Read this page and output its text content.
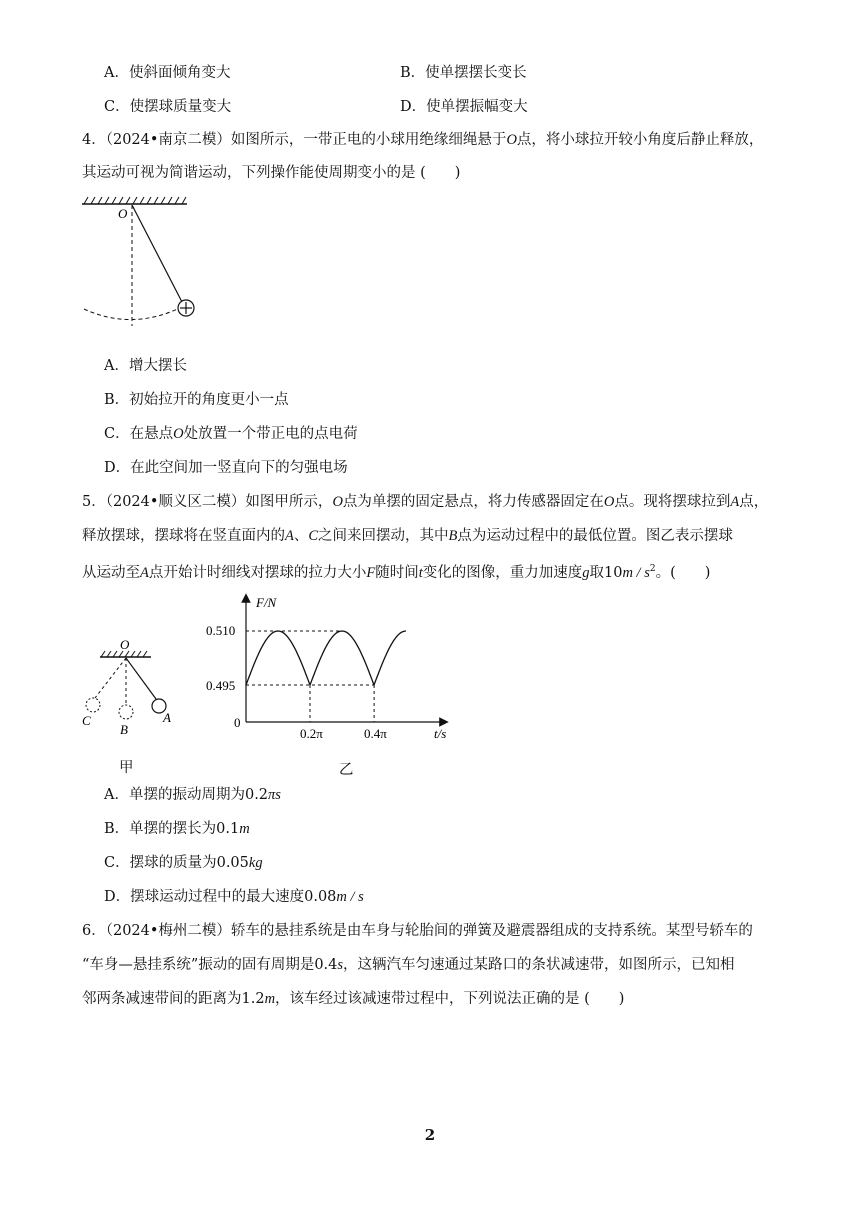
A．使斜面倾角变大	B．使单摆摆长变长
C．使摆球质量变大	D．使单摆振幅变大
4．（2024•南京二模）如图所示，一带正电的小球用绝缘细绳悬于O点，将小球拉开较小角度后静止释放，
其运动可视为简谐运动，下列操作能使周期变小的是 (　　)
O
A．增大摆长
B．初始拉开的角度更小一点
C．在悬点O处放置一个带正电的点电荷
D．在此空间加一竖直向下的匀强电场
5．（2024•顺义区二模）如图甲所示，O点为单摆的固定悬点，将力传感器固定在O点。现将摆球拉到A点，
释放摆球，摆球将在竖直面内的A、C之间来回摆动，其中B点为运动过程中的最低位置。图乙表示摆球
从运动至A点开始计时细线对摆球的拉力大小F随时间t变化的图像，重力加速度g取$10m / s^2$。(　　)
O
C
B
A
甲
F/N
t/s
0.510
0.495
0
0.2π	0.4π
乙
A．单摆的振动周期为0.2πs
B．单摆的摆长为0.1m
C．摆球的质量为0.05kg
D．摆球运动过程中的最大速度0.08m / s
6．（2024•梅州二模）轿车的悬挂系统是由车身与轮胎间的弹簧及避震器组成的支持系统。某型号轿车的
“车身—悬挂系统”振动的固有周期是0.4s，这辆汽车匀速通过某路口的条状减速带，如图所示，已知相
邻两条减速带间的距离为1.2m，该车经过该减速带过程中，下列说法正确的是 (　　)
2
